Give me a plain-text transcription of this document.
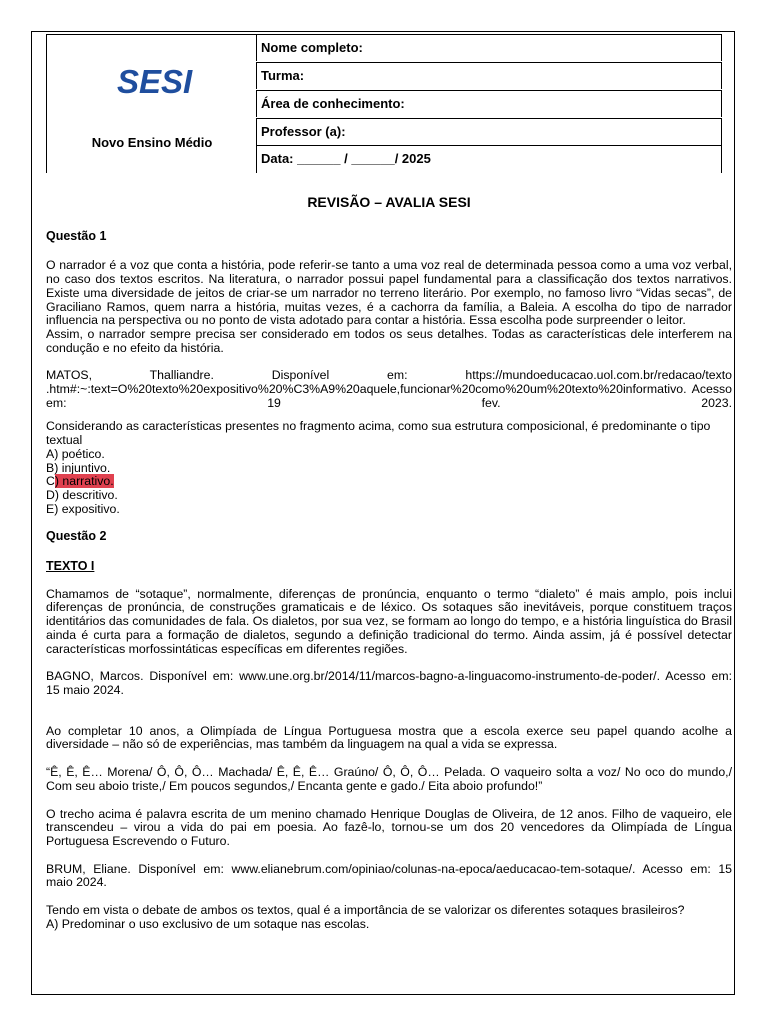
SESI
Novo Ensino Médio
Nome completo:
Turma:
Área de conhecimento:
Professor (a):
Data: ______ / ______/ 2025
REVISÃO – AVALIA SESI
Questão 1

O narrador é a voz que conta a história, pode referir-se tanto a uma voz real de determinada pessoa como a uma voz verbal, no caso dos textos escritos. Na literatura, o narrador possui papel fundamental para a classificação dos textos narrativos. Existe uma diversidade de jeitos de criar-se um narrador no terreno literário. Por exemplo, no famoso livro “Vidas secas”, de Graciliano Ramos, quem narra a história, muitas vezes, é a cachorra da família, a Baleia. A escolha do tipo de narrador influencia na perspectiva ou no ponto de vista adotado para contar a história. Essa escolha pode surpreender o leitor.

Assim, o narrador sempre precisa ser considerado em todos os seus detalhes. Todas as características dele interferem na condução e no efeito da história.

MATOS, Thalliandre. Disponível em: https://mundoeducacao.uol.com.br/redacao/texto .htm#:~:text=O%20texto%20expositivo%20%C3%A9%20aquele,funcionar%20como%20um%20texto%20informativo. Acesso em: 19 fev. 2023.

Considerando as características presentes no fragmento acima, como sua estrutura composicional, é predominante o tipo textual

A) poético.

B) injuntivo.

C) narrativo.

D) descritivo.

E) expositivo.

Questão 2
TEXTO I

Chamamos de “sotaque”, normalmente, diferenças de pronúncia, enquanto o termo “dialeto” é mais amplo, pois inclui diferenças de pronúncia, de construções gramaticais e de léxico. Os sotaques são inevitáveis, porque constituem traços identitários das comunidades de fala. Os dialetos, por sua vez, se formam ao longo do tempo, e a história linguística do Brasil ainda é curta para a formação de dialetos, segundo a definição tradicional do termo. Ainda assim, já é possível detectar características morfossintáticas específicas em diferentes regiões.

BAGNO, Marcos. Disponível em: www.une.org.br/2014/11/marcos-bagno-a-linguacomo-instrumento-de-poder/. Acesso em: 15 maio 2024.

Ao completar 10 anos, a Olimpíada de Língua Portuguesa mostra que a escola exerce seu papel quando acolhe a diversidade – não só de experiências, mas também da linguagem na qual a vida se expressa.

“Ê, Ê, Ê… Morena/ Ô, Ô, Ô… Machada/ Ê, Ê, Ê… Graúno/ Ô, Ô, Ô… Pelada. O vaqueiro solta a voz/ No oco do mundo,/ Com seu aboio triste,/ Em poucos segundos,/ Encanta gente e gado./ Eita aboio profundo!”

O trecho acima é palavra escrita de um menino chamado Henrique Douglas de Oliveira, de 12 anos. Filho de vaqueiro, ele transcendeu – virou a vida do pai em poesia. Ao fazê-lo, tornou-se um dos 20 vencedores da Olimpíada de Língua Portuguesa Escrevendo o Futuro.

BRUM, Eliane. Disponível em: www.elianebrum.com/opiniao/colunas-na-epoca/aeducacao-tem-sotaque/. Acesso em: 15 maio 2024.

Tendo em vista o debate de ambos os textos, qual é a importância de se valorizar os diferentes sotaques brasileiros?

A) Predominar o uso exclusivo de um sotaque nas escolas.
